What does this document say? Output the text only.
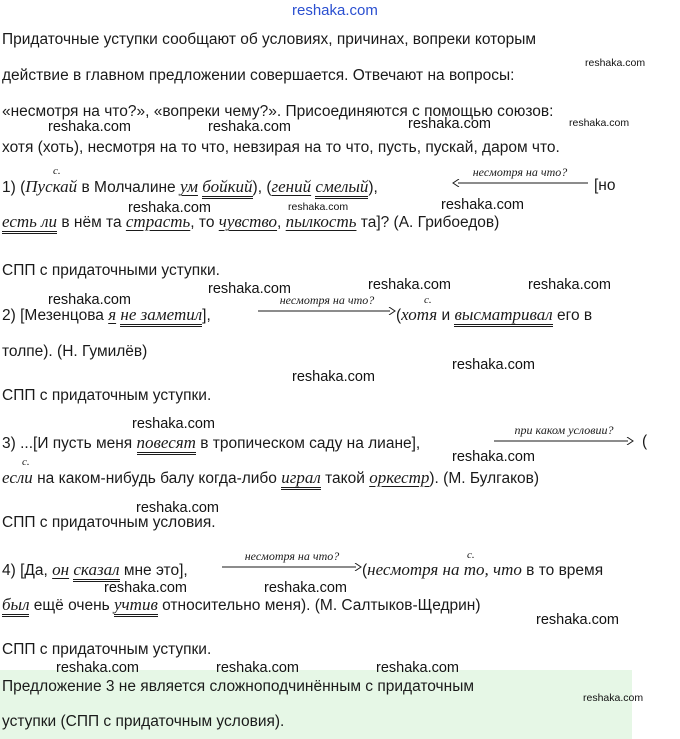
reshaka.com
reshaka.com
reshaka.com	reshaka.com	reshaka.com	reshaka.com
reshaka.com	reshaka.com	reshaka.com
reshaka.com	reshaka.com
reshaka.com
reshaka.com
reshaka.com
reshaka.com
reshaka.com
reshaka.com
reshaka.com
reshaka.com	reshaka.com
reshaka.com
reshaka.com	reshaka.com	reshaka.com
reshaka.com
Придаточные уступки сообщают об условиях, причинах, вопреки которым
действие в главном предложении совершается. Отвечают на вопросы:
«несмотря на что?», «вопреки чему?». Присоединяются с помощью союзов:
хотя (хоть), несмотря на то что, невзирая на то что, пусть, пускай, даром что.
с.
1) (Пускай в Молчалине ум бойкий), (гений смелый),
несмотря на что?
[но
есть ли в нём та страсть, то чувство, пылкость та]? (А. Грибоедов)
СПП с придаточными уступки.
несмотря на что?	с.
2) [Мезенцова я не заметил],	(хотя и высматривал его в
толпе). (Н. Гумилёв)
СПП с придаточным уступки.
3) ...[И пусть меня повесят в тропическом саду на лиане],
при каком условии?
(
с.
если на каком-нибудь балу когда-либо играл такой оркестр). (М. Булгаков)
СПП с придаточным условия.
4) [Да, он сказал мне это],
несмотря на что?	с.
(несмотря на то, что в то время
был ещё очень учтив относительно меня). (М. Салтыков-Щедрин)
СПП с придаточным уступки.
Предложение 3 не является сложноподчинённым с придаточным
уступки (СПП с придаточным условия).
